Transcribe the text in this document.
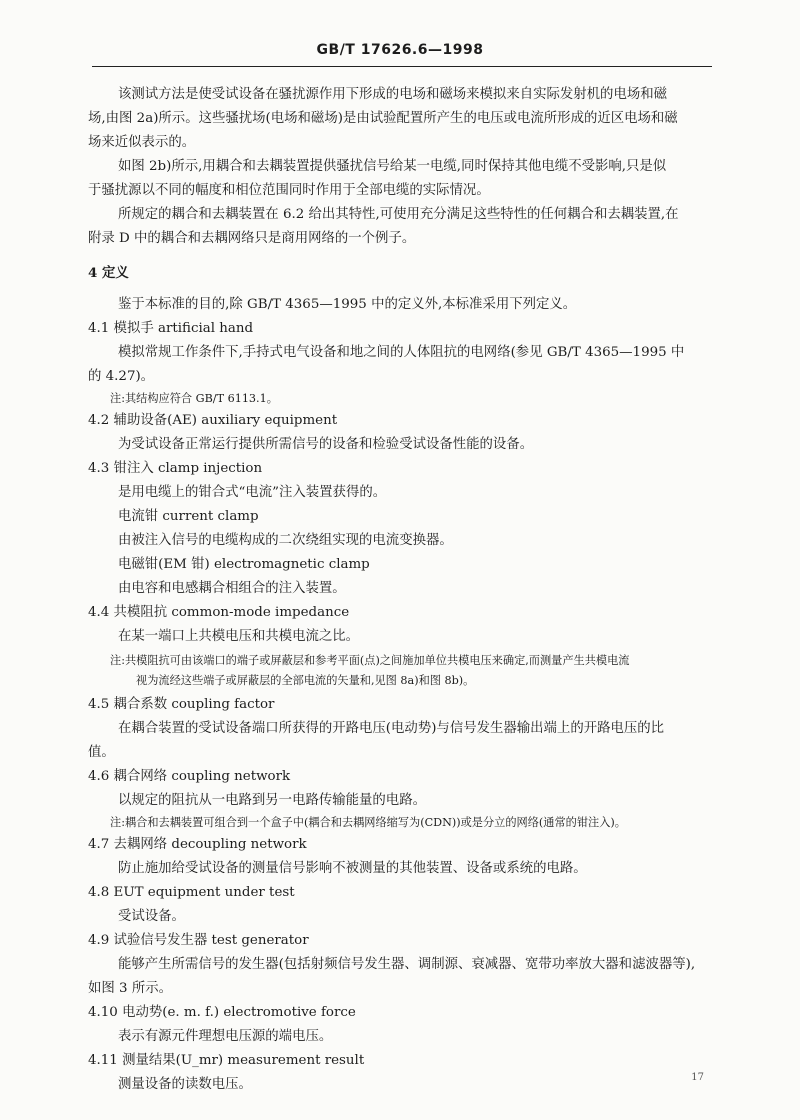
GB/T 17626.6—1998
该测试方法是使受试设备在骚扰源作用下形成的电场和磁场来模拟来自实际发射机的电场和磁
场,由图 2a)所示。这些骚扰场(电场和磁场)是由试验配置所产生的电压或电流所形成的近区电场和磁
场来近似表示的。
如图 2b)所示,用耦合和去耦装置提供骚扰信号给某一电缆,同时保持其他电缆不受影响,只是似
于骚扰源以不同的幅度和相位范围同时作用于全部电缆的实际情况。
所规定的耦合和去耦装置在 6.2 给出其特性,可使用充分满足这些特性的任何耦合和去耦装置,在
附录 D 中的耦合和去耦网络只是商用网络的一个例子。
4 定义
鉴于本标准的目的,除 GB/T 4365—1995 中的定义外,本标准采用下列定义。
4.1 模拟手 artificial hand
模拟常规工作条件下,手持式电气设备和地之间的人体阻抗的电网络(参见 GB/T 4365—1995 中
的 4.27)。
注:其结构应符合 GB/T 6113.1。
4.2 辅助设备(AE) auxiliary equipment
为受试设备正常运行提供所需信号的设备和检验受试设备性能的设备。
4.3 钳注入 clamp injection
是用电缆上的钳合式“电流”注入装置获得的。
电流钳 current clamp
由被注入信号的电缆构成的二次绕组实现的电流变换器。
电磁钳(EM 钳) electromagnetic clamp
由电容和电感耦合相组合的注入装置。
4.4 共模阻抗 common-mode impedance
在某一端口上共模电压和共模电流之比。
注:共模阻抗可由该端口的端子或屏蔽层和参考平面(点)之间施加单位共模电压来确定,而测量产生共模电流
视为流经这些端子或屏蔽层的全部电流的矢量和,见图 8a)和图 8b)。
4.5 耦合系数 coupling factor
在耦合装置的受试设备端口所获得的开路电压(电动势)与信号发生器输出端上的开路电压的比
值。
4.6 耦合网络 coupling network
以规定的阻抗从一电路到另一电路传输能量的电路。
注:耦合和去耦装置可组合到一个盒子中(耦合和去耦网络缩写为(CDN))或是分立的网络(通常的钳注入)。
4.7 去耦网络 decoupling network
防止施加给受试设备的测量信号影响不被测量的其他装置、设备或系统的电路。
4.8 EUT equipment under test
受试设备。
4.9 试验信号发生器 test generator
能够产生所需信号的发生器(包括射频信号发生器、调制源、衰减器、宽带功率放大器和滤波器等),
如图 3 所示。
4.10 电动势(e. m. f.) electromotive force
表示有源元件理想电压源的端电压。
4.11 测量结果(U_mr) measurement result
测量设备的读数电压。	17
